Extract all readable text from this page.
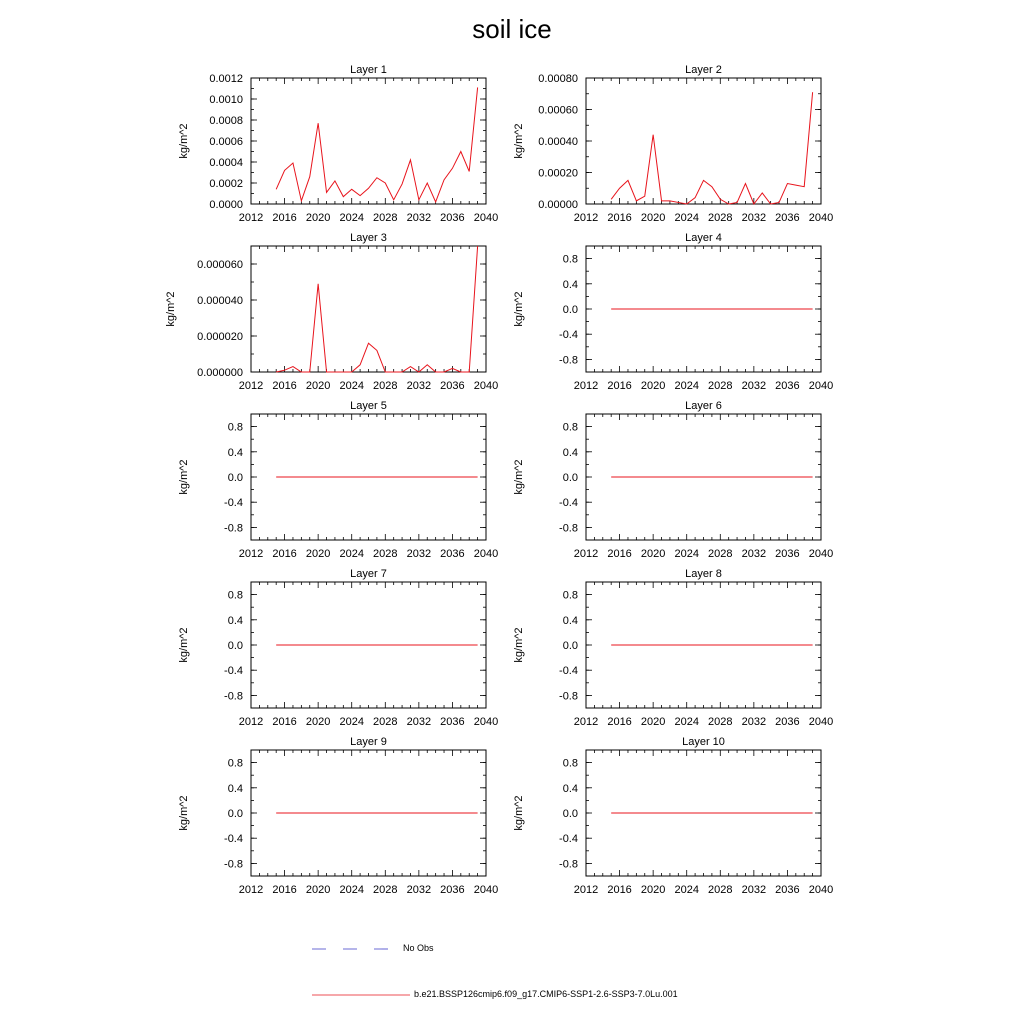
soil ice
Layer 1
kg/m^2
2012 2016 2020 2024 2028 2032 2036 2040
0.0000
0.0002
0.0004
0.0006
0.0008
0.0010
0.0012
Layer 2
kg/m^2
2012 2016 2020 2024 2028 2032 2036 2040
0.00000
0.00020
0.00040
0.00060
0.00080
Layer 3
kg/m^2
2012 2016 2020 2024 2028 2032 2036 2040
0.000000
0.000020
0.000040
0.000060
Layer 4
kg/m^2
2012 2016 2020 2024 2028 2032 2036 2040
-0.8
-0.4
0.0
0.4
0.8
Layer 5
kg/m^2
2012 2016 2020 2024 2028 2032 2036 2040
-0.8
-0.4
0.0
0.4
0.8
Layer 6
kg/m^2
2012 2016 2020 2024 2028 2032 2036 2040
-0.8
-0.4
0.0
0.4
0.8
Layer 7
kg/m^2
2012 2016 2020 2024 2028 2032 2036 2040
-0.8
-0.4
0.0
0.4
0.8
Layer 8
kg/m^2
2012 2016 2020 2024 2028 2032 2036 2040
-0.8
-0.4
0.0
0.4
0.8
Layer 9
kg/m^2
2012 2016 2020 2024 2028 2032 2036 2040
-0.8
-0.4
0.0
0.4
0.8
Layer 10
kg/m^2
2012 2016 2020 2024 2028 2032 2036 2040
-0.8
-0.4
0.0
0.4
0.8
No Obs
b.e21.BSSP126cmip6.f09_g17.CMIP6-SSP1-2.6-SSP3-7.0Lu.001
